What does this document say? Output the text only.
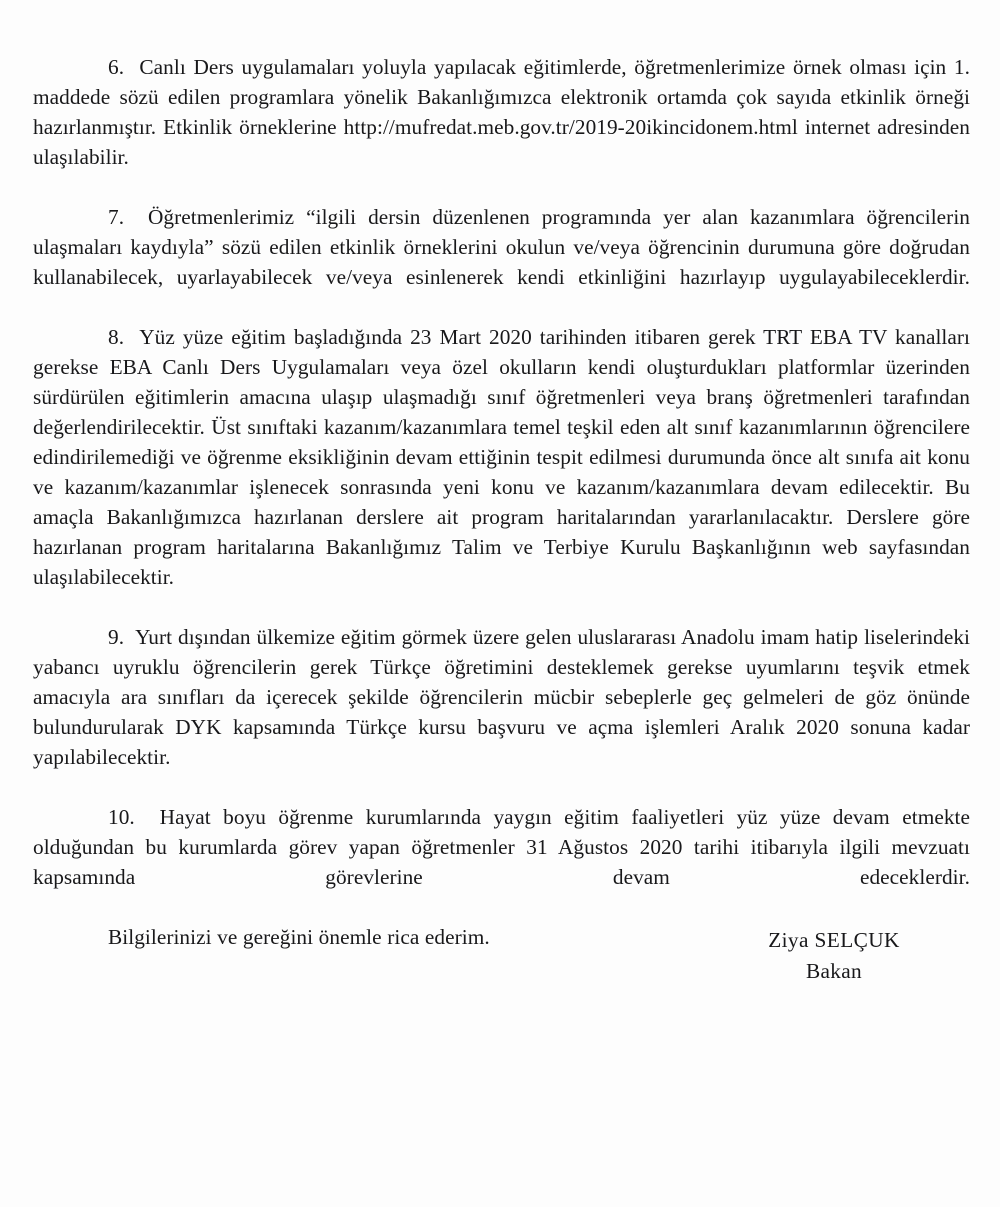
6.  Canlı Ders uygulamaları yoluyla yapılacak eğitimlerde, öğretmenlerimize örnek olması için 1. maddede sözü edilen programlara yönelik Bakanlığımızca elektronik ortamda çok sayıda etkinlik örneği hazırlanmıştır. Etkinlik örneklerine http://mufredat.meb.gov.tr/2019-20ikincidonem.html internet adresinden ulaşılabilir.

7.  Öğretmenlerimiz “ilgili dersin düzenlenen programında yer alan kazanımlara öğrencilerin ulaşmaları kaydıyla” sözü edilen etkinlik örneklerini okulun ve/veya öğrencinin durumuna göre doğrudan kullanabilecek, uyarlayabilecek ve/veya esinlenerek kendi etkinliğini hazırlayıp uygulayabileceklerdir.

8.  Yüz yüze eğitim başladığında 23 Mart 2020 tarihinden itibaren gerek TRT EBA TV kanalları gerekse EBA Canlı Ders Uygulamaları veya özel okulların kendi oluşturdukları platformlar üzerinden sürdürülen eğitimlerin amacına ulaşıp ulaşmadığı sınıf öğretmenleri veya branş öğretmenleri tarafından değerlendirilecektir. Üst sınıftaki kazanım/kazanımlara temel teşkil eden alt sınıf kazanımlarının öğrencilere edindirilemediği ve öğrenme eksikliğinin devam ettiğinin tespit edilmesi durumunda önce alt sınıfa ait konu ve kazanım/kazanımlar işlenecek sonrasında yeni konu ve kazanım/kazanımlara devam edilecektir. Bu amaçla Bakanlığımızca hazırlanan derslere ait program haritalarından yararlanılacaktır. Derslere göre hazırlanan program haritalarına Bakanlığımız Talim ve Terbiye Kurulu Başkanlığının web sayfasından ulaşılabilecektir.

9.  Yurt dışından ülkemize eğitim görmek üzere gelen uluslararası Anadolu imam hatip liselerindeki yabancı uyruklu öğrencilerin gerek Türkçe öğretimini desteklemek gerekse uyumlarını teşvik etmek amacıyla ara sınıfları da içerecek şekilde öğrencilerin mücbir sebeplerle geç gelmeleri de göz önünde bulundurularak DYK kapsamında Türkçe kursu başvuru ve açma işlemleri Aralık 2020 sonuna kadar yapılabilecektir.

10.  Hayat boyu öğrenme kurumlarında yaygın eğitim faaliyetleri yüz yüze devam etmekte olduğundan bu kurumlarda görev yapan öğretmenler 31 Ağustos 2020 tarihi itibarıyla ilgili mevzuatı kapsamında görevlerine devam edeceklerdir.

Bilgilerinizi ve gereğini önemle rica ederim.	Ziya SELÇUK
Bakan
